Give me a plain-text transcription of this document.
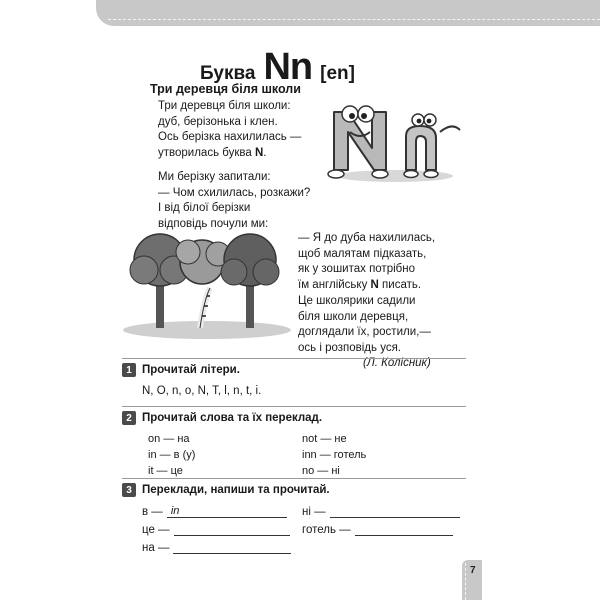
Буква Nn [en]
Три деревця біля школи
Три деревця біля школи:
дуб, берізонька і клен.
Ось берізка нахилилась —
утворилась буква N.
Ми берізку запитали:
— Чом схилилась, розкажи?
І від білої берізки
відповідь почули ми:
— Я до дуба нахилилась,
щоб малятам підказать,
як у зошитах потрібно
їм англійську N писать.
Це школярики садили
біля школи деревця,
доглядали їх, ростили,—
ось і розповідь уся.
(Л. Колісник)
1 Прочитай літери.
N, O, n, o, N, T, l, n, t, i.
2 Прочитай слова та їх переклад.
on — на
in — в (у)
it — це
not — не
inn — готель
no — ні
3 Переклади, напиши та прочитай.
в — in	ні —
це —	готель —
на —
7
